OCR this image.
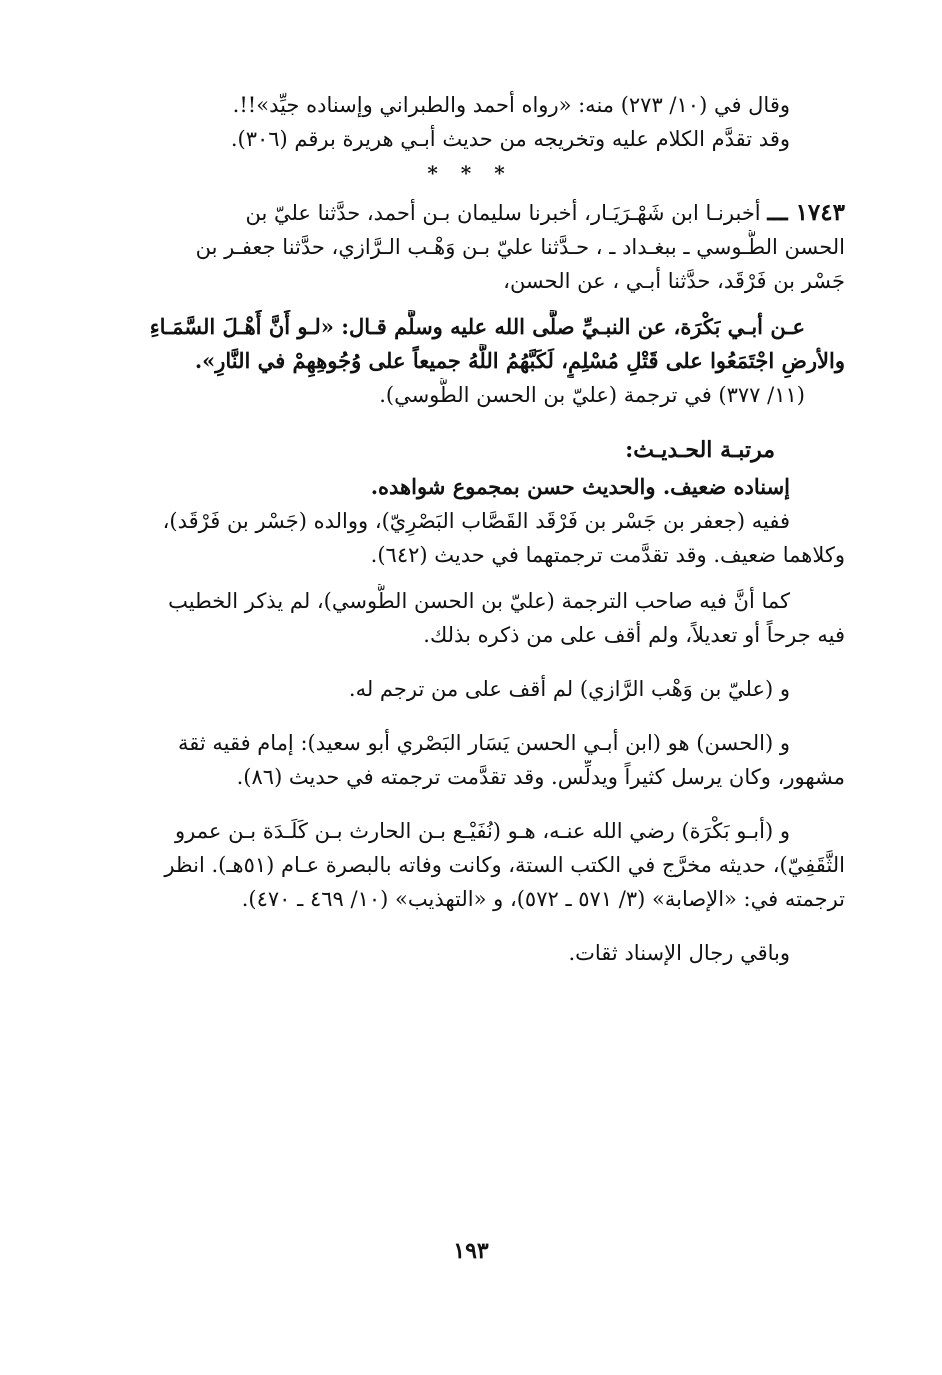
وقال في (١٠/ ٢٧٣) منه: «رواه أحمد والطبراني وإسناده جيِّد»!!.
وقد تقدَّم الكلام عليه وتخريجه من حديث أبـي هريرة برقم (٣٠٦).
* * *
١٧٤٣ ـــ أخبرنـا ابن شَهْـرَيَـار، أخبرنا سليمان بـن أحمد، حدَّثنا عليّ بن
الحسن الطُّـوسي ـ ببغـداد ـ ، حـدَّثنا عليّ بـن وَهْـب الـرَّازي، حدَّثنا جعفـر بن
جَسْر بن فَرْقَد، حدَّثنا أبـي ، عن الحسن،
عـن أبـي بَكْرَة، عن النبـيِّ صلَّى الله عليه وسلَّم قـال: «لـو أَنَّ أَهْـلَ السَّمَـاءِ
والأرضِ اجْتَمَعُوا على قَتْلِ مُسْلِمٍ، لَكَبَّهُمُ اللَّهُ جميعاً على وُجُوهِهِمْ في النَّارِ».
(١١/ ٣٧٧) في ترجمة (عليّ بن الحسن الطُّوسي).
مرتبـة الحـديـث:
إسناده ضعيف. والحديث حسن بمجموع شواهده.
ففيه (جعفر بن جَسْر بن فَرْقَد القَصَّاب البَصْرِيّ)، ووالده (جَسْر بن فَرْقَد)،
وكلاهما ضعيف. وقد تقدَّمت ترجمتهما في حديث (٦٤٢).
كما أنَّ فيه صاحب الترجمة (عليّ بن الحسن الطُّوسي)، لم يذكر الخطيب
فيه جرحاً أو تعديلاً، ولم أقف على من ذكره بذلك.
و (عليّ بن وَهْب الرَّازي) لم أقف على من ترجم له.
و (الحسن) هو (ابن أبـي الحسن يَسَار البَصْري أبو سعيد): إمام فقيه ثقة
مشهور، وكان يرسل كثيراً ويدلِّس. وقد تقدَّمت ترجمته في حديث (٨٦).
و (أبـو بَكْرَة) رضي الله عنـه، هـو (نُفَيْـع بـن الحارث بـن كَلَـدَة بـن عمرو
الثَّقَفِيّ)، حديثه مخرَّج في الكتب الستة، وكانت وفاته بالبصرة عـام (٥١هـ). انظر
ترجمته في: «الإصابة» (٣/ ٥٧١ ـ ٥٧٢)، و «التهذيب» (١٠/ ٤٦٩ ـ ٤٧٠).
وباقي رجال الإسناد ثقات.
١٩٣
